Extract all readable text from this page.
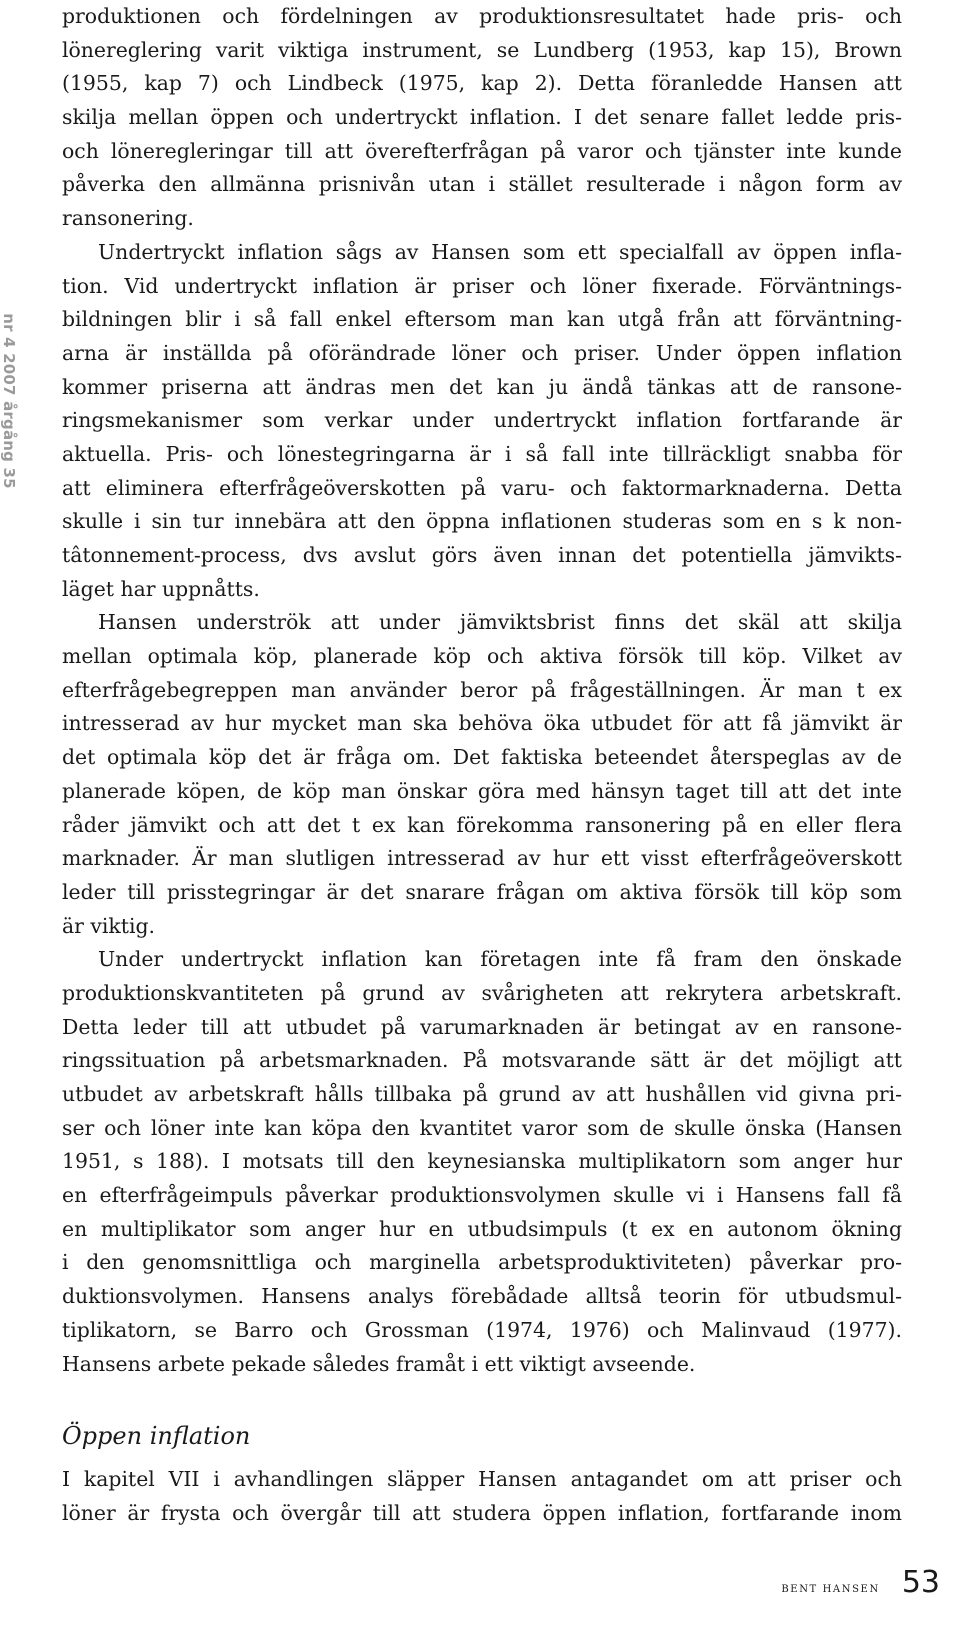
nr 4 2007 årgång 35
produktionen och fördelningen av produktionsresultatet hade pris- och
lönereglering varit viktiga instrument, se Lundberg (1953, kap 15), Brown
(1955, kap 7) och Lindbeck (1975, kap 2). Detta föranledde Hansen att
skilja mellan öppen och undertryckt inflation. I det senare fallet ledde pris-
och löneregleringar till att överefterfrågan på varor och tjänster inte kunde
påverka den allmänna prisnivån utan i stället resulterade i någon form av
ransonering.
Undertryckt inflation sågs av Hansen som ett specialfall av öppen infla-
tion. Vid undertryckt inflation är priser och löner fixerade. Förväntnings-
bildningen blir i så fall enkel eftersom man kan utgå från att förväntning-
arna är inställda på oförändrade löner och priser. Under öppen inflation
kommer priserna att ändras men det kan ju ändå tänkas att de ransone-
ringsmekanismer som verkar under undertryckt inflation fortfarande är
aktuella. Pris- och lönestegringarna är i så fall inte tillräckligt snabba för
att eliminera efterfrågeöverskotten på varu- och faktormarknaderna. Detta
skulle i sin tur innebära att den öppna inflationen studeras som en s k non-
tâtonnement-process, dvs avslut görs även innan det potentiella jämvikts-
läget har uppnåtts.
Hansen underströk att under jämviktsbrist finns det skäl att skilja
mellan optimala köp, planerade köp och aktiva försök till köp. Vilket av
efterfrågebegreppen man använder beror på frågeställningen. Är man t ex
intresserad av hur mycket man ska behöva öka utbudet för att få jämvikt är
det optimala köp det är fråga om. Det faktiska beteendet återspeglas av de
planerade köpen, de köp man önskar göra med hänsyn taget till att det inte
råder jämvikt och att det t ex kan förekomma ransonering på en eller flera
marknader. Är man slutligen intresserad av hur ett visst efterfrågeöverskott
leder till prisstegringar är det snarare frågan om aktiva försök till köp som
är viktig.
Under undertryckt inflation kan företagen inte få fram den önskade
produktionskvantiteten på grund av svårigheten att rekrytera arbetskraft.
Detta leder till att utbudet på varumarknaden är betingat av en ransone-
ringssituation på arbetsmarknaden. På motsvarande sätt är det möjligt att
utbudet av arbetskraft hålls tillbaka på grund av att hushållen vid givna pri-
ser och löner inte kan köpa den kvantitet varor som de skulle önska (Hansen
1951, s 188). I motsats till den keynesianska multiplikatorn som anger hur
en efterfrågeimpuls påverkar produktionsvolymen skulle vi i Hansens fall få
en multiplikator som anger hur en utbudsimpuls (t ex en autonom ökning
i den genomsnittliga och marginella arbetsproduktiviteten) påverkar pro-
duktionsvolymen. Hansens analys förebådade alltså teorin för utbudsmul-
tiplikatorn, se Barro och Grossman (1974, 1976) och Malinvaud (1977).
Hansens arbete pekade således framåt i ett viktigt avseende.
Öppen inflation
I kapitel VII i avhandlingen släpper Hansen antagandet om att priser och
löner är frysta och övergår till att studera öppen inflation, fortfarande inom
bent hansen 53
